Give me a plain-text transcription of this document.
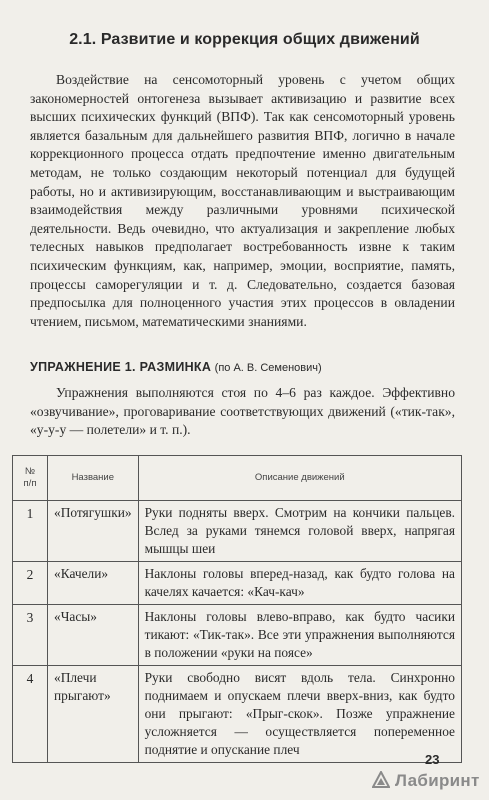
2.1. Развитие и коррекция общих движений

Воздействие на сенсомоторный уровень с учетом общих закономерностей онтогенеза вызывает активизацию и развитие всех высших психических функций (ВПФ). Так как сенсомоторный уровень является базальным для дальнейшего развития ВПФ, логично в начале коррекционного процесса отдать предпочтение именно двигательным методам, не только создающим некоторый потенциал для будущей работы, но и активизирующим, восстанавливающим и выстраивающим взаимодействия между различными уровнями психической деятельности. Ведь очевидно, что актуализация и закрепление любых телесных навыков предполагает востребованность извне к таким психическим функциям, как, например, эмоции, восприятие, память, процессы саморегуляции и т. д. Следовательно, создается базовая предпосылка для полноценного участия этих процессов в овладении чтением, письмом, математическими знаниями.

УПРАЖНЕНИЕ 1. РАЗМИНКА (по А. В. Семенович)

Упражнения выполняются стоя по 4–6 раз каждое. Эффективно «озвучивание», проговаривание соответствующих движений («тик-так», «у-у-у — полетели» и т. п.).

№
п/п	Название	Описание движений
1	«Потягушки»	Руки подняты вверх. Смотрим на кончики пальцев. Вслед за руками тянемся головой вверх, напрягая мышцы шеи
2	«Качели»	Наклоны головы вперед-назад, как будто голова на качелях качается: «Кач-кач»
3	«Часы»	Наклоны головы влево-вправо, как будто часики тикают: «Тик-так». Все эти упражнения выполняются в положении «руки на поясе»
4	«Плечи прыгают»	Руки свободно висят вдоль тела. Синхронно поднимаем и опускаем плечи вверх-вниз, как будто они прыгают: «Прыг-скок». Позже упражнение усложняется — осуществляется попеременное поднятие и опускание плеч
23
Лабиринт
